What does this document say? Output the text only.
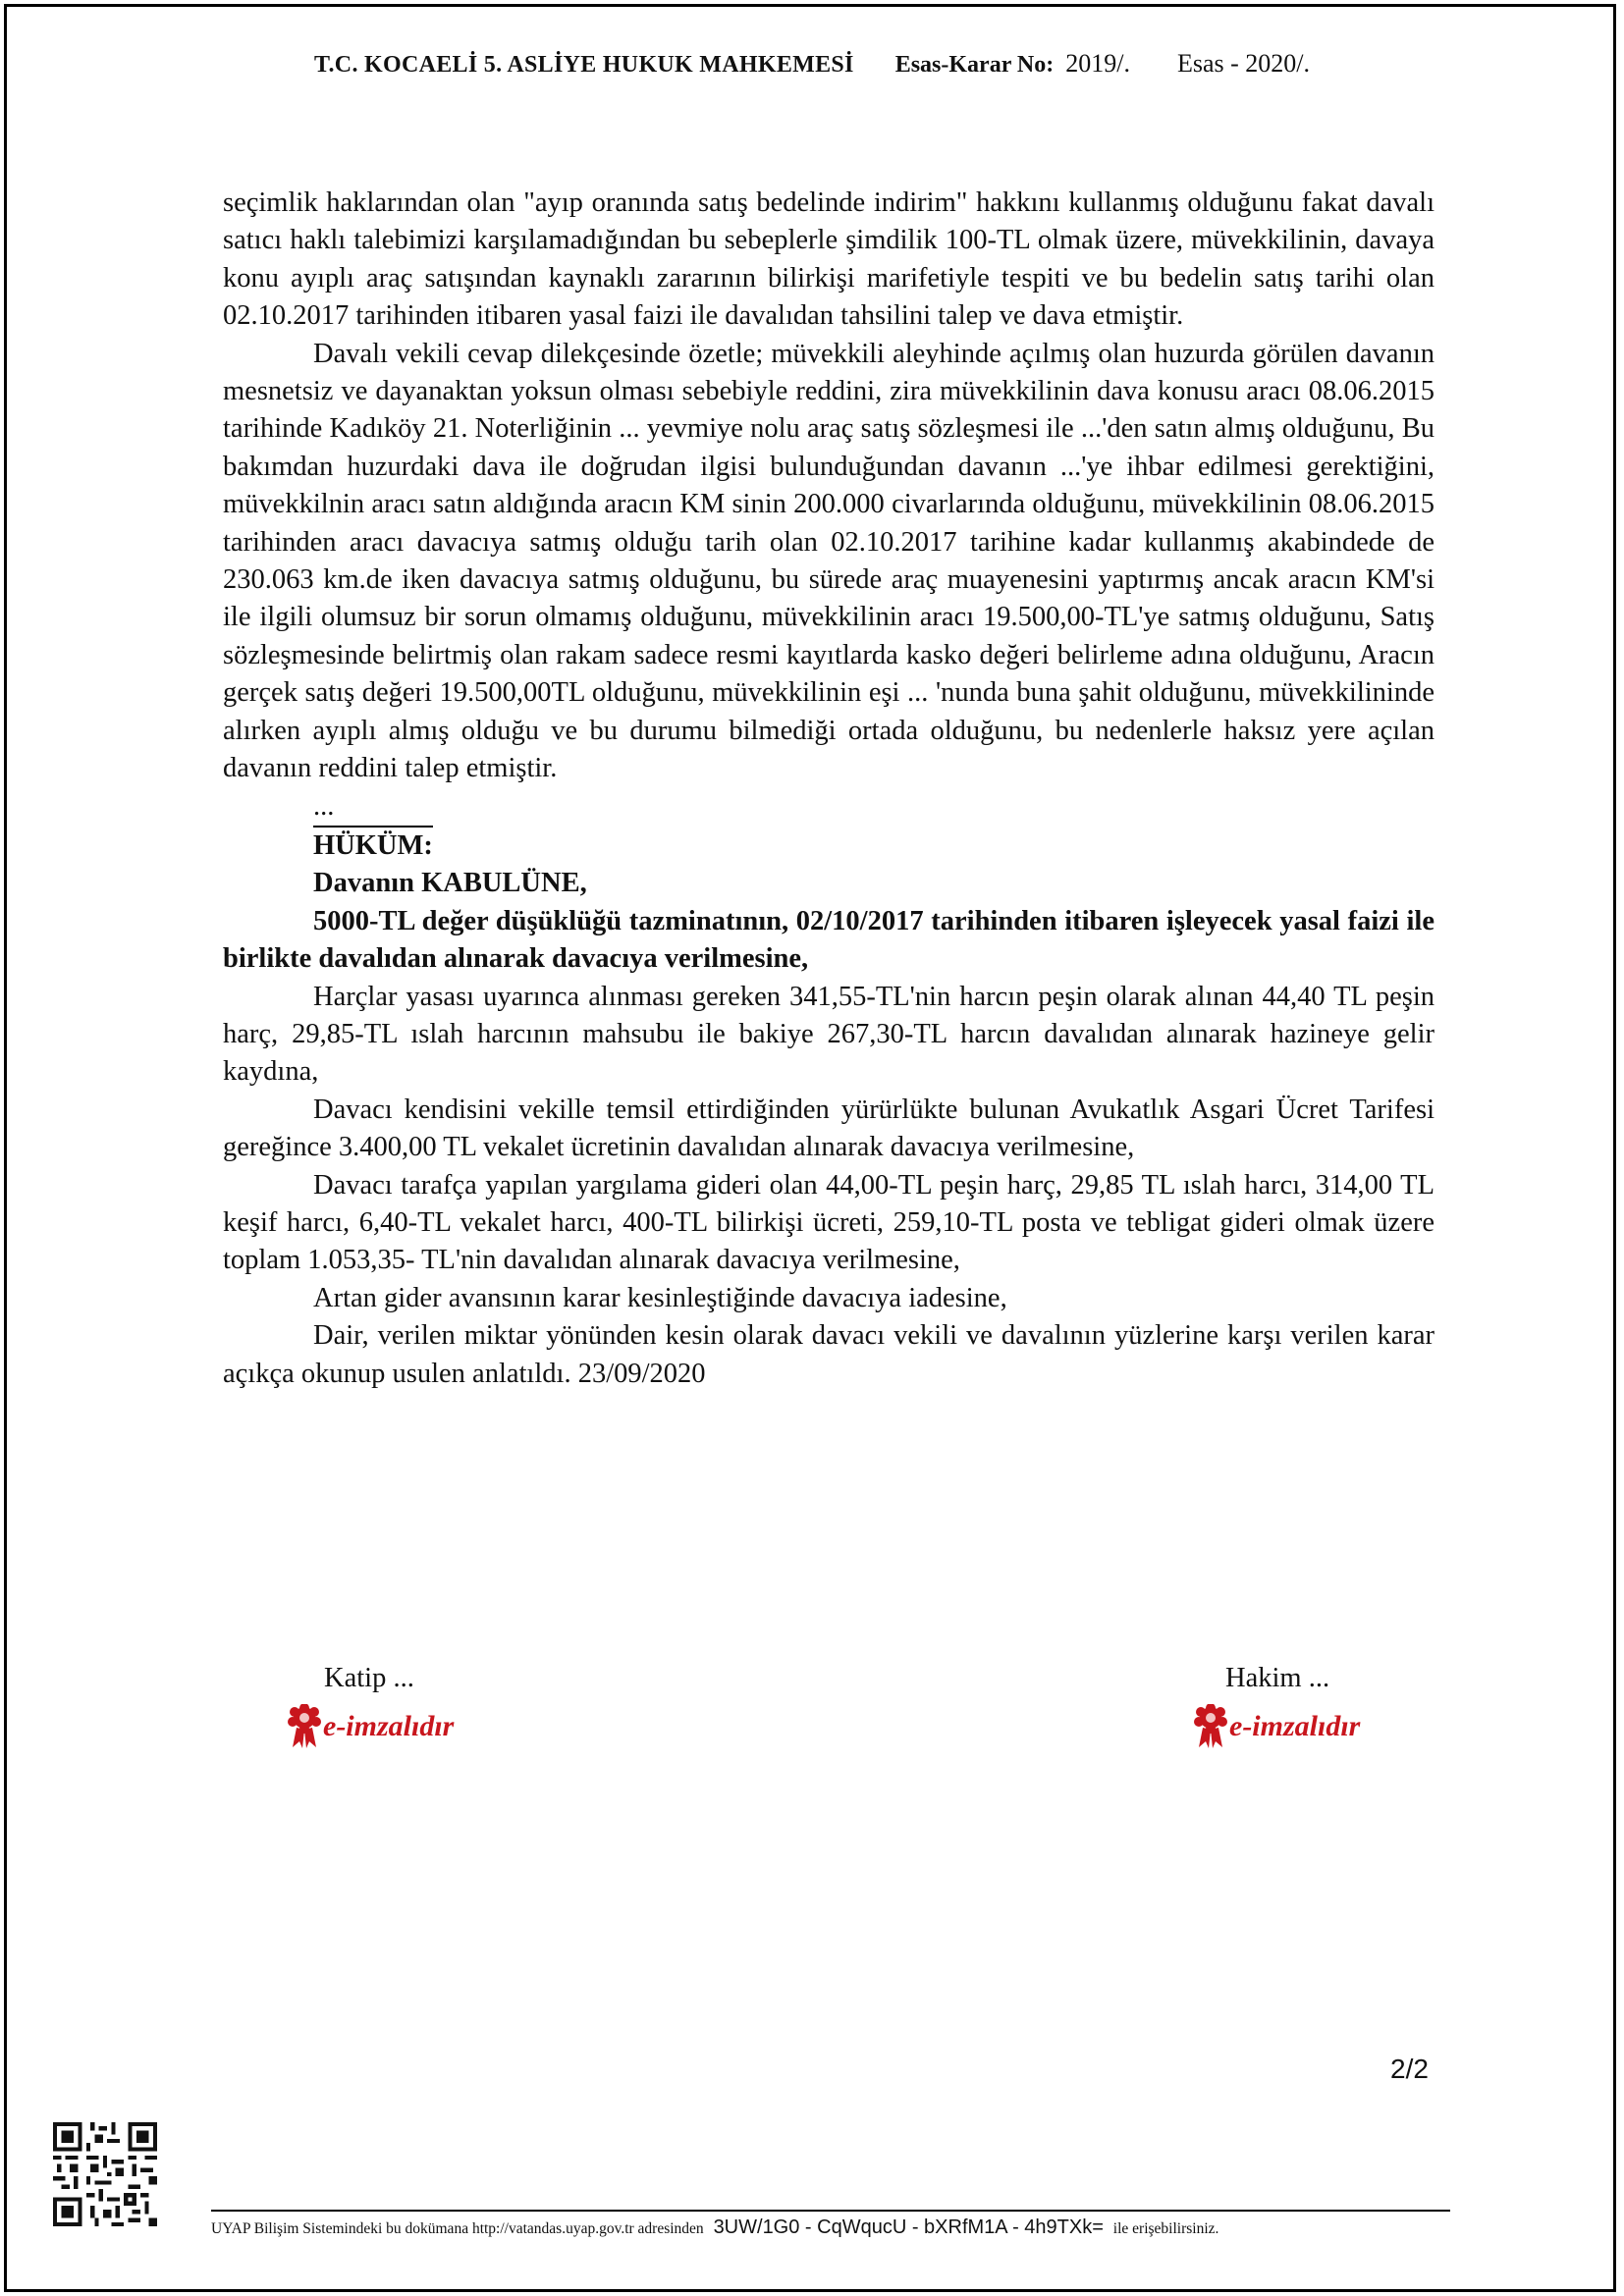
T.C. KOCAELİ 5. ASLİYE HUKUK MAHKEMESİ Esas-Karar No: 2019/. Esas - 2020/.

seçimlik haklarından olan "ayıp oranında satış bedelinde indirim" hakkını kullanmış olduğunu fakat davalı satıcı haklı talebimizi karşılamadığından bu sebeplerle şimdilik 100-TL olmak üzere, müvekkilinin, davaya konu ayıplı araç satışından kaynaklı zararının bilirkişi marifetiyle tespiti ve bu bedelin satış tarihi olan 02.10.2017 tarihinden itibaren yasal faizi ile davalıdan tahsilini talep ve dava etmiştir.

Davalı vekili cevap dilekçesinde özetle; müvekkili aleyhinde açılmış olan huzurda görülen davanın mesnetsiz ve dayanaktan yoksun olması sebebiyle reddini, zira müvekkilinin dava konusu aracı 08.06.2015 tarihinde Kadıköy 21. Noterliğinin ... yevmiye nolu araç satış sözleşmesi ile ...'den satın almış olduğunu, Bu bakımdan huzurdaki dava ile doğrudan ilgisi bulunduğundan davanın ...'ye ihbar edilmesi gerektiğini, müvekkilnin aracı satın aldığında aracın KM sinin 200.000 civarlarında olduğunu, müvekkilinin 08.06.2015 tarihinden aracı davacıya satmış olduğu tarih olan 02.10.2017 tarihine kadar kullanmış akabindede de 230.063 km.de iken davacıya satmış olduğunu, bu sürede araç muayenesini yaptırmış ancak aracın KM'si ile ilgili olumsuz bir sorun olmamış olduğunu, müvekkilinin aracı 19.500,00-TL'ye satmış olduğunu, Satış sözleşmesinde belirtmiş olan rakam sadece resmi kayıtlarda kasko değeri belirleme adına olduğunu, Aracın gerçek satış değeri 19.500,00TL olduğunu, müvekkilinin eşi ... 'nunda buna şahit olduğunu, müvekkilininde alırken ayıplı almış olduğu ve bu durumu bilmediği ortada olduğunu, bu nedenlerle haksız yere açılan davanın reddini talep etmiştir.

...

HÜKÜM:

Davanın KABULÜNE,

5000-TL değer düşüklüğü tazminatının, 02/10/2017 tarihinden itibaren işleyecek yasal faizi ile birlikte davalıdan alınarak davacıya verilmesine,

Harçlar yasası uyarınca alınması gereken 341,55-TL'nin harcın peşin olarak alınan 44,40 TL peşin harç, 29,85-TL ıslah harcının mahsubu ile bakiye 267,30-TL harcın davalıdan alınarak hazineye gelir kaydına,

Davacı kendisini vekille temsil ettirdiğinden yürürlükte bulunan Avukatlık Asgari Ücret Tarifesi gereğince 3.400,00 TL vekalet ücretinin davalıdan alınarak davacıya verilmesine,

Davacı tarafça yapılan yargılama gideri olan 44,00-TL peşin harç, 29,85 TL ıslah harcı, 314,00 TL keşif harcı, 6,40-TL vekalet harcı, 400-TL bilirkişi ücreti, 259,10-TL posta ve tebligat gideri olmak üzere toplam 1.053,35- TL'nin davalıdan alınarak davacıya verilmesine,

Artan gider avansının karar kesinleştiğinde davacıya iadesine,

Dair, verilen miktar yönünden kesin olarak davacı vekili ve davalının yüzlerine karşı verilen karar açıkça okunup usulen anlatıldı. 23/09/2020

Katip ...
e-imzalıdır
Hakim ...
e-imzalıdır
2/2
UYAP Bilişim Sistemindeki bu dokümana http://vatandas.uyap.gov.tr adresinden 3UW/1G0 - CqWqucU - bXRfM1A - 4h9TXk= ile erişebilirsiniz.
